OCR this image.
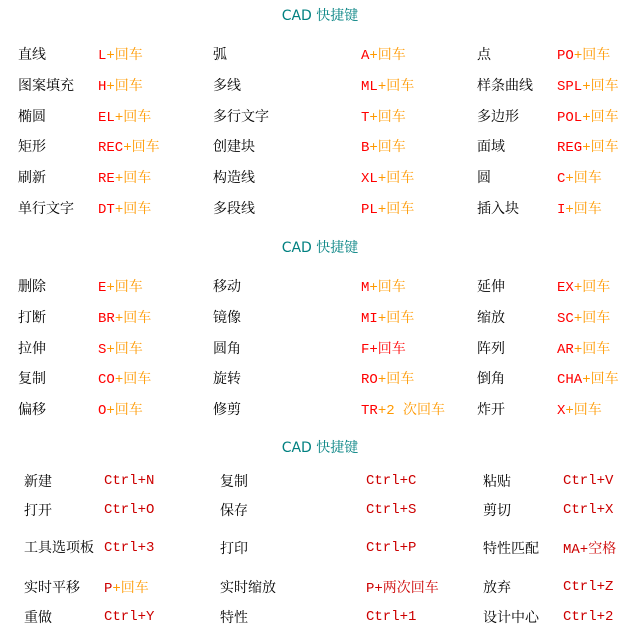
CAD 快捷键
直线	L+回车	弧	A+回车	点	PO+回车
图案填充	H+回车	多线	ML+回车	样条曲线	SPL+回车
椭圆	EL+回车	多行文字	T+回车	多边形	POL+回车
矩形	REC+回车	创建块	B+回车	面域	REG+回车
刷新	RE+回车	构造线	XL+回车	圆	C+回车
单行文字	DT+回车	多段线	PL+回车	插入块	I+回车
CAD 快捷键
删除	E+回车	移动	M+回车	延伸	EX+回车
打断	BR+回车	镜像	MI+回车	缩放	SC+回车
拉伸	S+回车	圆角	F+回车	阵列	AR+回车
复制	CO+回车	旋转	RO+回车	倒角	CHA+回车
偏移	O+回车	修剪	TR+2 次回车	炸开	X+回车
CAD 快捷键
新建	Ctrl+N	复制	Ctrl+C	粘贴	Ctrl+V
打开	Ctrl+O	保存	Ctrl+S	剪切	Ctrl+X
工具选项板	Ctrl+3	打印	Ctrl+P	特性匹配	MA+空格
实时平移	P+回车	实时缩放	P+两次回车	放弃	Ctrl+Z
重做	Ctrl+Y	特性	Ctrl+1	设计中心	Ctrl+2
